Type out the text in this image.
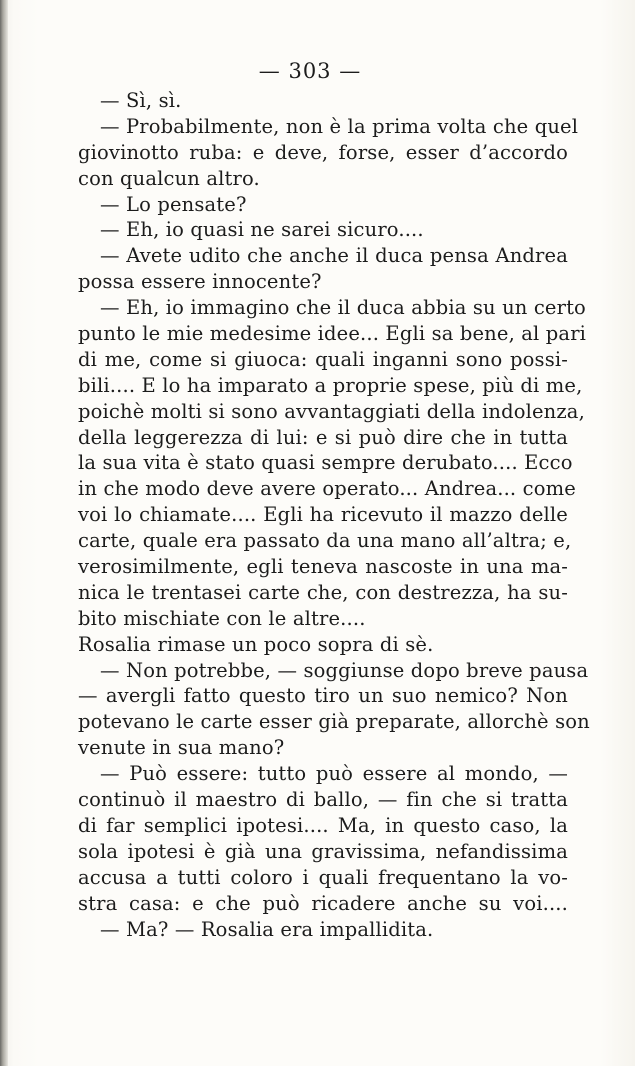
— 303 —
— Sì, sì.
— Probabilmente, non è la prima volta che quel
giovinotto ruba: e deve, forse, esser d’accordo
con qualcun altro.
— Lo pensate?
— Eh, io quasi ne sarei sicuro....
— Avete udito che anche il duca pensa Andrea
possa essere innocente?
— Eh, io immagino che il duca abbia su un certo
punto le mie medesime idee... Egli sa bene, al pari
di me, come si giuoca: quali inganni sono possi-
bili.... E lo ha imparato a proprie spese, più di me,
poichè molti si sono avvantaggiati della indolenza,
della leggerezza di lui: e si può dire che in tutta
la sua vita è stato quasi sempre derubato.... Ecco
in che modo deve avere operato... Andrea... come
voi lo chiamate.... Egli ha ricevuto il mazzo delle
carte, quale era passato da una mano all’altra; e,
verosimilmente, egli teneva nascoste in una ma-
nica le trentasei carte che, con destrezza, ha su-
bito mischiate con le altre....
Rosalia rimase un poco sopra di sè.
— Non potrebbe, — soggiunse dopo breve pausa
— avergli fatto questo tiro un suo nemico? Non
potevano le carte esser già preparate, allorchè son
venute in sua mano?
— Può essere: tutto può essere al mondo, —
continuò il maestro di ballo, — fin che si tratta
di far semplici ipotesi.... Ma, in questo caso, la
sola ipotesi è già una gravissima, nefandissima
accusa a tutti coloro i quali frequentano la vo-
stra casa: e che può ricadere anche su voi....
— Ma? — Rosalia era impallidita.
